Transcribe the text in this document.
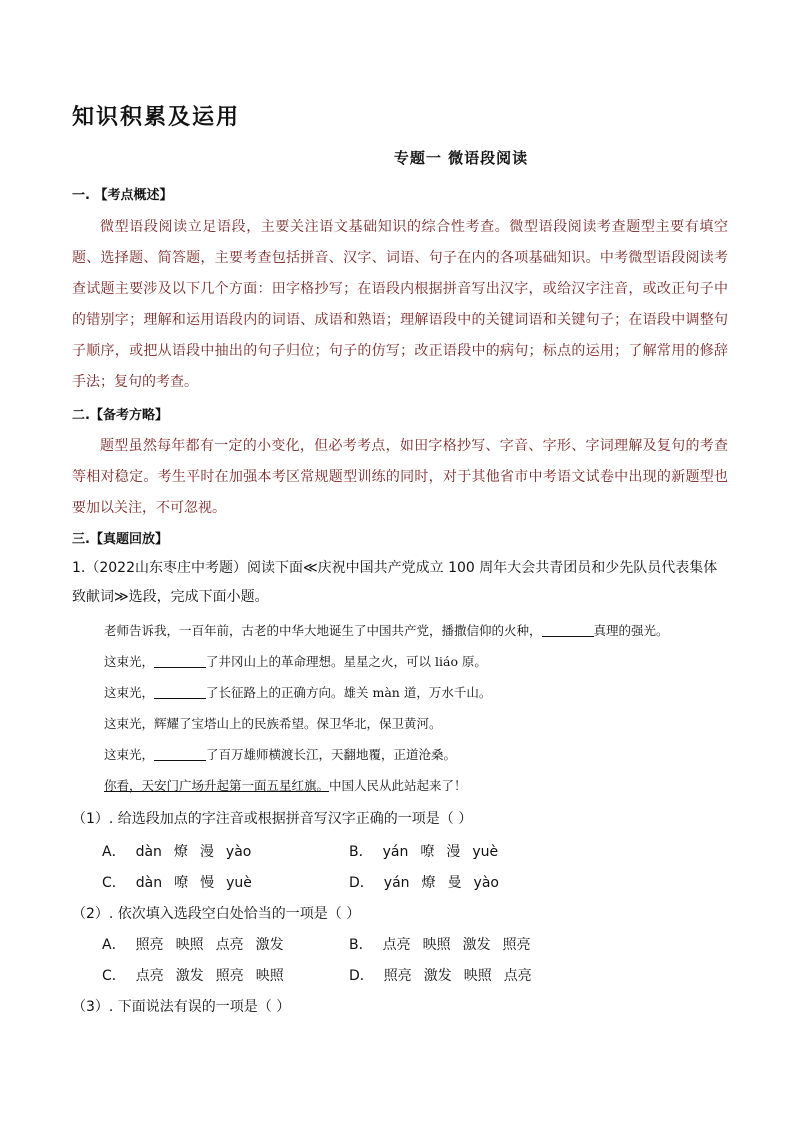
知识积累及运用
专题一 微语段阅读

一. 【考点概述】

微型语段阅读立足语段，主要关注语文基础知识的综合性考查。微型语段阅读考查题型主要有填空题、选择题、简答题，主要考查包括拼音、汉字、词语、句子在内的各项基础知识。中考微型语段阅读考查试题主要涉及以下几个方面：田字格抄写；在语段内根据拼音写出汉字，或给汉字注音，或改正句子中的错别字；理解和运用语段内的词语、成语和熟语；理解语段中的关键词语和关键句子；在语段中调整句子顺序，或把从语段中抽出的句子归位；句子的仿写；改正语段中的病句；标点的运用；了解常用的修辞手法；复句的考查。

二.【备考方略】

题型虽然每年都有一定的小变化，但必考考点，如田字格抄写、字音、字形、字词理解及复句的考查等相对稳定。考生平时在加强本考区常规题型训练的同时，对于其他省市中考语文试卷中出现的新题型也要加以关注，不可忽视。

三.【真题回放】

1.（2022山东枣庄中考题）阅读下面≪庆祝中国共产党成立 100 周年大会共青团员和少先队员代表集体致献词≫选段，完成下面小题。

老师告诉我，一百年前，古老的中华大地诞生了中国共产党，播撒信仰的火种，	真理的强光。
这束光，	了井冈山上的革命理想。星星之火，可以 liáo 原。
这束光，	了长征路上的正确方向。雄关 màn 道，万水千山。
这束光，辉耀了宝塔山上的民族希望。保卫华北，保卫黄河。
这束光，	了百万雄师横渡长江，天翻地覆，正道沧桑。
你看，天安门广场升起第一面五星红旗。中国人民从此站起来了！

（1）. 给选段加点的字注音或根据拼音写汉字正确的一项是（ ）

A． dàn 燎 漫 yào	B． yán 嘹 漫 yuè

C． dàn 嘹 慢 yuè	D． yán 燎 曼 yào

（2）. 依次填入选段空白处恰当的一项是（ ）

A． 照亮 映照 点亮 激发	B． 点亮 映照 激发 照亮

C． 点亮 激发 照亮 映照	D． 照亮 激发 映照 点亮

（3）. 下面说法有误的一项是（ ）
